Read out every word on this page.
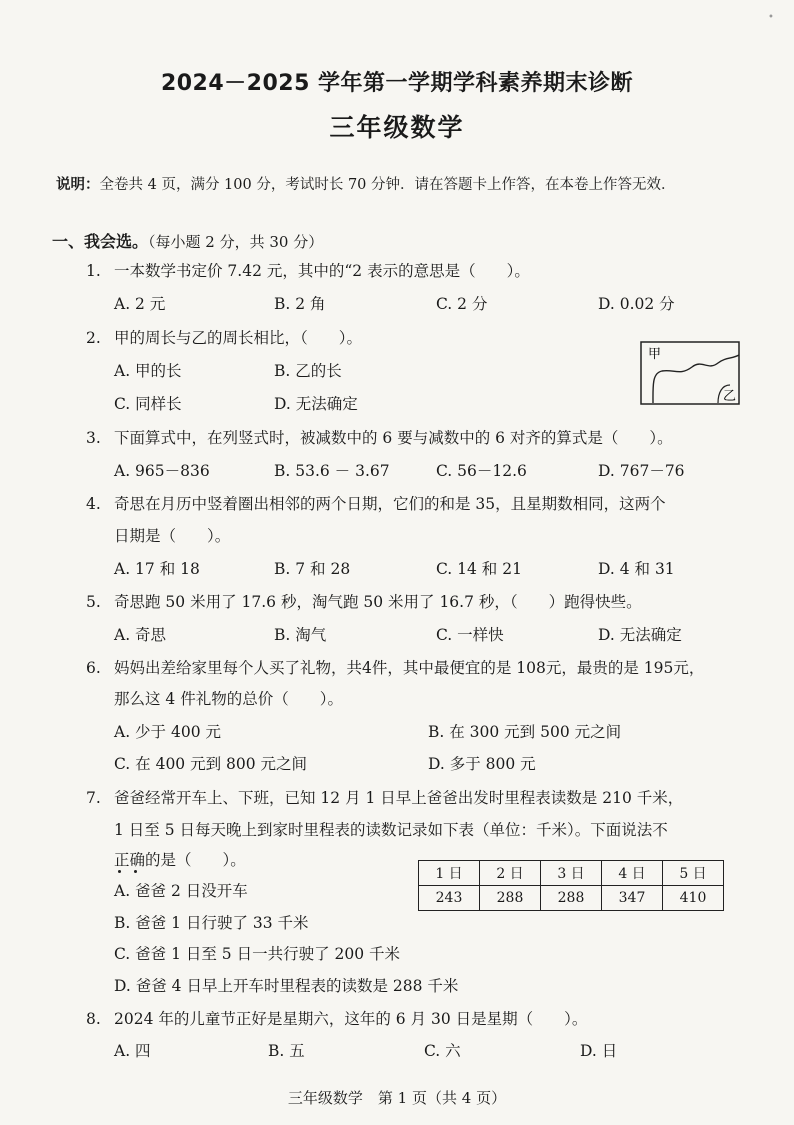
•
2024－2025 学年第一学期学科素养期末诊断
三年级数学
说明：全卷共 4 页，满分 100 分，考试时长 70 分钟．请在答题卡上作答，在本卷上作答无效．
一、我会选。（每小题 2 分，共 30 分）
1. 一本数学书定价 7.42 元，其中的“2 表示的意思是（　　）。
A. 2 元	B. 2 角	C. 2 分	D. 0.02 分
2. 甲的周长与乙的周长相比，（　　）。
A. 甲的长	B. 乙的长
C. 同样长	D. 无法确定
甲
乙
3. 下面算式中，在列竖式时，被减数中的 6 要与减数中的 6 对齐的算式是（　　）。
A. 965－836	B. 53.6 － 3.67	C. 56－12.6	D. 767－76
4. 奇思在月历中竖着圈出相邻的两个日期，它们的和是 35，且星期数相同，这两个
日期是（　　）。
A. 17 和 18	B. 7 和 28	C. 14 和 21	D. 4 和 31
5. 奇思跑 50 米用了 17.6 秒，淘气跑 50 米用了 16.7 秒，（　　）跑得快些。
A. 奇思	B. 淘气	C. 一样快	D. 无法确定
6. 妈妈出差给家里每个人买了礼物，共4件，其中最便宜的是 108元，最贵的是 195元，
那么这 4 件礼物的总价（　　）。
A. 少于 400 元	B. 在 300 元到 500 元之间
C. 在 400 元到 800 元之间	D. 多于 800 元
7. 爸爸经常开车上、下班，已知 12 月 1 日早上爸爸出发时里程表读数是 210 千米，
1 日至 5 日每天晚上到家时里程表的读数记录如下表（单位：千米）。下面说法不
正确的是（　　）。
1 日	2 日	3 日	4 日	5 日
243	288	288	347	410
A. 爸爸 2 日没开车
B. 爸爸 1 日行驶了 33 千米
C. 爸爸 1 日至 5 日一共行驶了 200 千米
D. 爸爸 4 日早上开车时里程表的读数是 288 千米
8. 2024 年的儿童节正好是星期六，这年的 6 月 30 日是星期（　　）。
A. 四	B. 五	C. 六	D. 日
三年级数学　第 1 页（共 4 页）
